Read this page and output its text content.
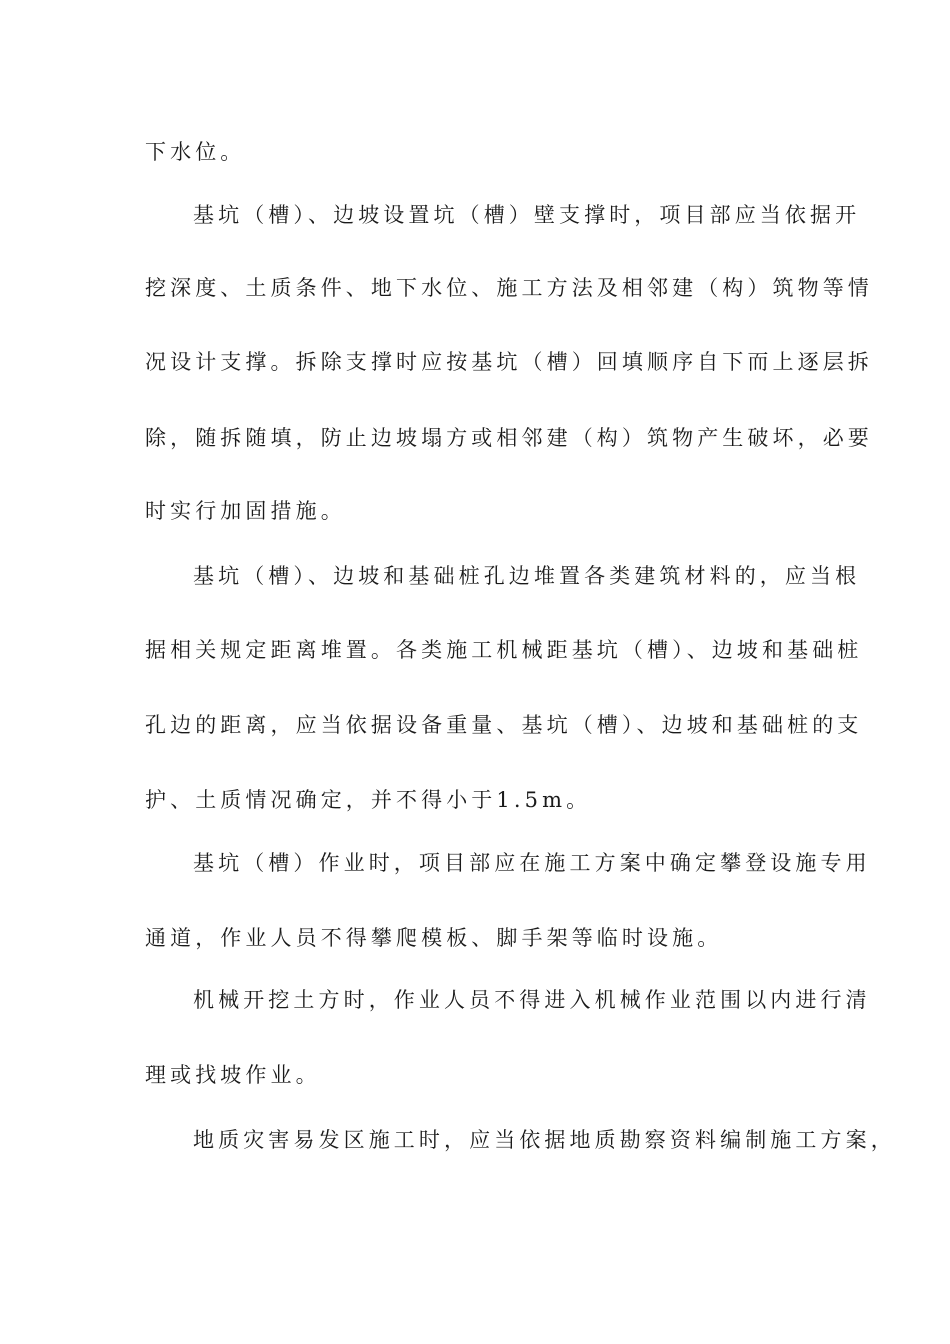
下水位。
基坑（槽）、边坡设置坑（槽）壁支撑时，项目部应当依据开
挖深度、土质条件、地下水位、施工方法及相邻建（构）筑物等情
况设计支撑。拆除支撑时应按基坑（槽）回填顺序自下而上逐层拆
除，随拆随填，防止边坡塌方或相邻建（构）筑物产生破坏，必要
时实行加固措施。
基坑（槽）、边坡和基础桩孔边堆置各类建筑材料的，应当根
据相关规定距离堆置。各类施工机械距基坑（槽）、边坡和基础桩
孔边的距离，应当依据设备重量、基坑（槽）、边坡和基础桩的支
护、土质情况确定，并不得小于1.5m。
基坑（槽）作业时，项目部应在施工方案中确定攀登设施专用
通道，作业人员不得攀爬模板、脚手架等临时设施。
机械开挖土方时，作业人员不得进入机械作业范围以内进行清
理或找坡作业。
地质灾害易发区施工时，应当依据地质勘察资料编制施工方案，
